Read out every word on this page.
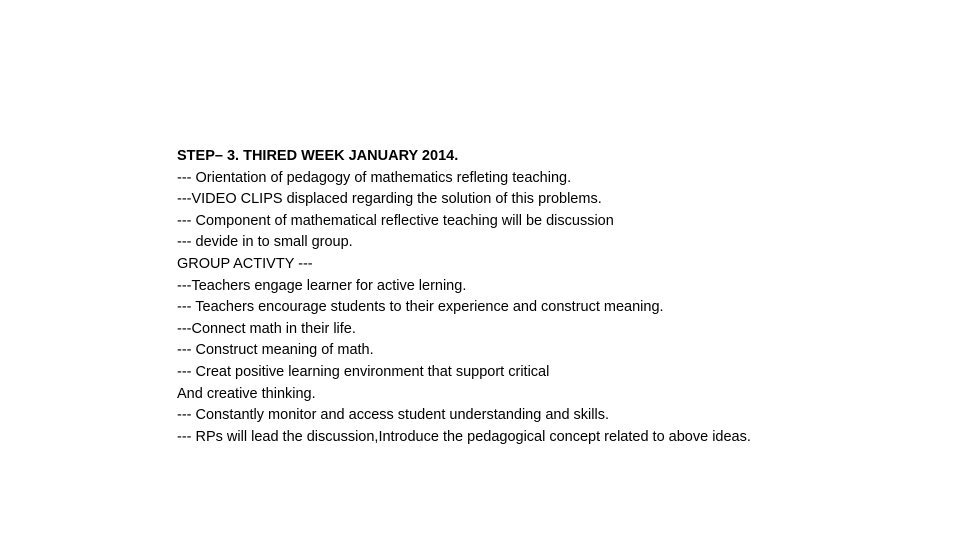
STEP– 3. THIRED WEEK JANUARY 2014.
--- Orientation of pedagogy of mathematics refleting teaching.
---VIDEO CLIPS displaced regarding the solution of this problems.
--- Component of mathematical reflective teaching will be discussion
--- devide in to small group.
GROUP ACTIVTY ---
---Teachers engage learner for active lerning.
--- Teachers encourage students to their experience and construct meaning.
---Connect math in their life.
--- Construct meaning of math.
--- Creat positive learning environment that support critical
And creative thinking.
--- Constantly monitor and access student understanding and skills.
--- RPs will lead the discussion,Introduce the pedagogical concept related to above ideas.
